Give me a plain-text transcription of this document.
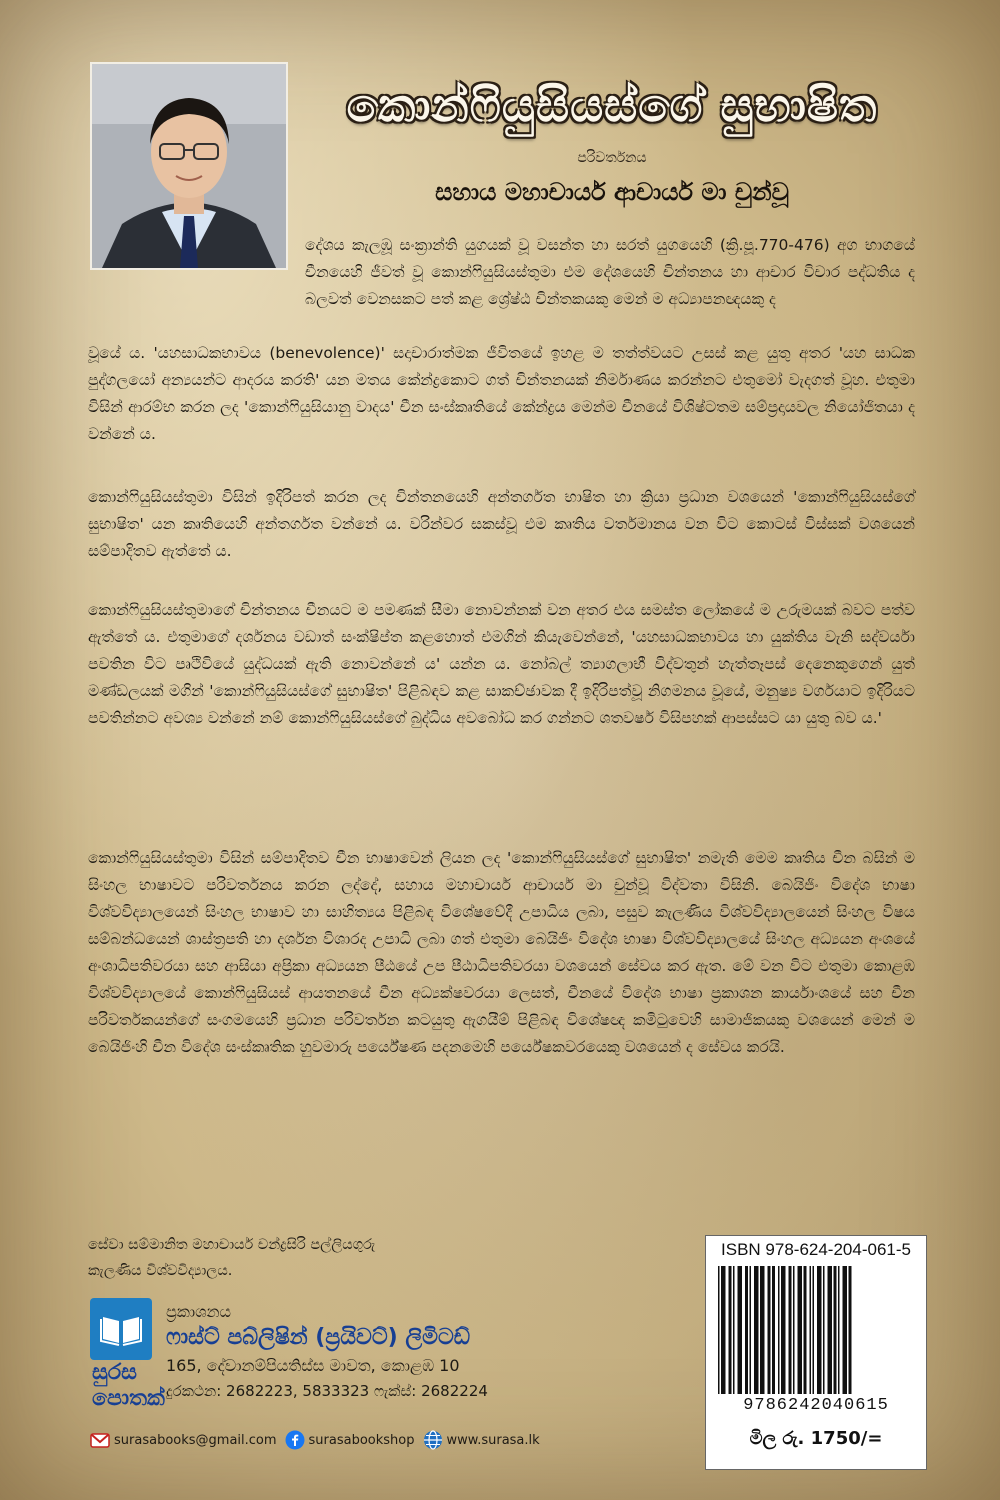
කොන්ෆියුසියස්ගේ සුභාෂිත
පරිවර්තනය
සහාය මහාචාර්ය ආචාර්ය මා චුන්වූ
දේශය කැලඹූ සංක්‍රාන්ති යුගයක් වූ වසන්ත හා සරත් යුගයෙහි (ක්‍රි.පූ.770-476) අග භාගයේ චීනයෙහි ජීවත් වූ කොන්ෆියුසියස්තුමා එම දේශයෙහි චින්තනය හා ආචාර විචාර පද්ධතිය ද බලවත් වෙනසකට පත් කළ ශ්‍රේෂ්ඨ චින්තකයකු මෙන් ම අධ්‍යාපනඥයකු ද
වූයේ ය. 'යහසාධකභාවය (benevolence)' සදාචාරාත්මක ජීවිතයේ ඉහළ ම තත්ත්වයට උසස් කළ යුතු අතර 'යහ සාධක පුද්ගලයෝ අන්‍යයන්ට ආදරය කරති' යන මතය කේන්ද්‍රකොට ගත් චින්තනයක් නිර්මාණය කරන්නට එතුමෝ වැදගත් වූහ. එතුමා විසින් ආරම්භ කරන ලද 'කොන්ෆියුසියානු වාදය' චීන සංස්කෘතියේ කේන්ද්‍රය මෙන්ම චීනයේ විශිෂ්ටතම සම්ප්‍රදායවල නියෝජිතයා ද වන්නේ ය.
කොන්ෆියුසියස්තුමා විසින් ඉදිරිපත් කරන ලද චින්තනයෙහි අන්තර්ගත භාෂිත හා ක්‍රියා ප්‍රධාන වශයෙන් 'කොන්ෆියුසියස්ගේ සුභාෂිත' යන කෘතියෙහි අන්තර්ගත වන්නේ ය. වරින්වර සකස්වූ එම කෘතිය වර්තමානය වන විට කොටස් විස්සක් වශයෙන් සම්පාදිතව ඇත්තේ ය.
කොන්ෆියුසියස්තුමාගේ චින්තනය චීනයට ම පමණක් සීමා නොවන්නක් වන අතර එය සමස්ත ලෝකයේ ම උරුමයක් බවට පත්ව ඇත්තේ ය. එතුමාගේ දර්ශනය වඩාත් සංක්ෂිප්ත කළහොත් එමගින් කියැවෙන්නේ, 'යහසාධකභාවය හා යුක්තිය වැනි සද්වර්යා පවතින විට පෘථිවියේ යුද්ධයක් ඇති නොවන්නේ ය' යන්න ය. නෝබල් ත්‍යාගලාභී විද්වතුන් හැත්තෑපස් දෙනෙකුගෙන් යුත් මණ්ඩලයක් මගින් 'කොන්ෆියුසියස්ගේ සුභාෂිත' පිළිබඳව කළ සාකච්ඡාවක දී ඉදිරිපත්වූ නිගමනය වූයේ, මනුෂ්‍ය වර්ගයාට ඉදිරියට පවතින්නට අවශ්‍ය වන්නේ නම් කොන්ෆියුසියස්ගේ බුද්ධිය අවබෝධ කර ගන්නට ශතවර්ෂ විසිපහක් ආපස්සට යා යුතු බව ය.'
කොන්ෆියුසියස්තුමා විසින් සම්පාදිතව චීන භාෂාවෙන් ලියන ලද 'කොන්ෆියුසියස්ගේ සුභාෂිත' නමැති මෙම කෘතිය චීන බසින් ම සිංහල භාෂාවට පරිවර්තනය කරන ලද්දේ, සහාය මහාචාර්ය ආචාර්ය මා චුන්වූ විද්වතා විසිනි. බෙයිජිං විදේශ භාෂා විශ්වවිද්‍යාලයෙන් සිංහල භාෂාව හා සාහිත්‍යය පිළිබඳ විශේෂවේදී උපාධිය ලබා, පසුව කැලණිය විශ්වවිද්‍යාලයෙන් සිංහල විෂය සම්බන්ධයෙන් ශාස්ත්‍රපති හා දර්ශන විශාරද උපාධි ලබා ගත් එතුමා බෙයිජිං විදේශ භාෂා විශ්වවිද්‍යාලයේ සිංහල අධ්‍යයන අංශයේ අංශාධිපතිවරයා සහ ආසියා අප්‍රිකා අධ්‍යයන පීඨයේ උප පීඨාධිපතිවරයා වශයෙන් සේවය කර ඇත. මේ වන විට එතුමා කොළඹ විශ්වවිද්‍යාලයේ කොන්ෆියුසියස් ආයතනයේ චීන අධ්‍යක්ෂවරයා ලෙසත්, චීනයේ විදේශ භාෂා ප්‍රකාශන කාර්යාංශයේ සහ චීන පරිවර්තකයන්ගේ සංගමයෙහි ප්‍රධාන පරිවර්තන කටයුතු ඇගයීම් පිළිබඳ විශේෂඥ කමිටුවෙහි සාමාජිකයකු වශයෙන් මෙන් ම බෙයිජිංහි චීන විදේශ සංස්කෘතික හුවමාරු පර්යේෂණ පදනමෙහි පර්යේෂකවරයෙකු වශයෙන් ද සේවය කරයි.
සේවා සම්මානිත මහාචාර්ය චන්ද්‍රසිරි පල්ලියගුරු
කැලණිය විශ්වවිද්‍යාලය.
ISBN 978-624-204-061-5
9786242040615
මිල රු. 1750/=
සුරස
පොතක්
ප්‍රකාශනය
ෆාස්ට් පබ්ලිෂින් (ප්‍රයිවට්) ලිමිටඩ්
165, දේවානම්පියතිස්ස මාවත, කොළඹ 10
දුරකථන: 2682223, 5833323 ෆැක්ස්: 2682224
surasabooks@gmail.com surasabookshop www.surasa.lk
